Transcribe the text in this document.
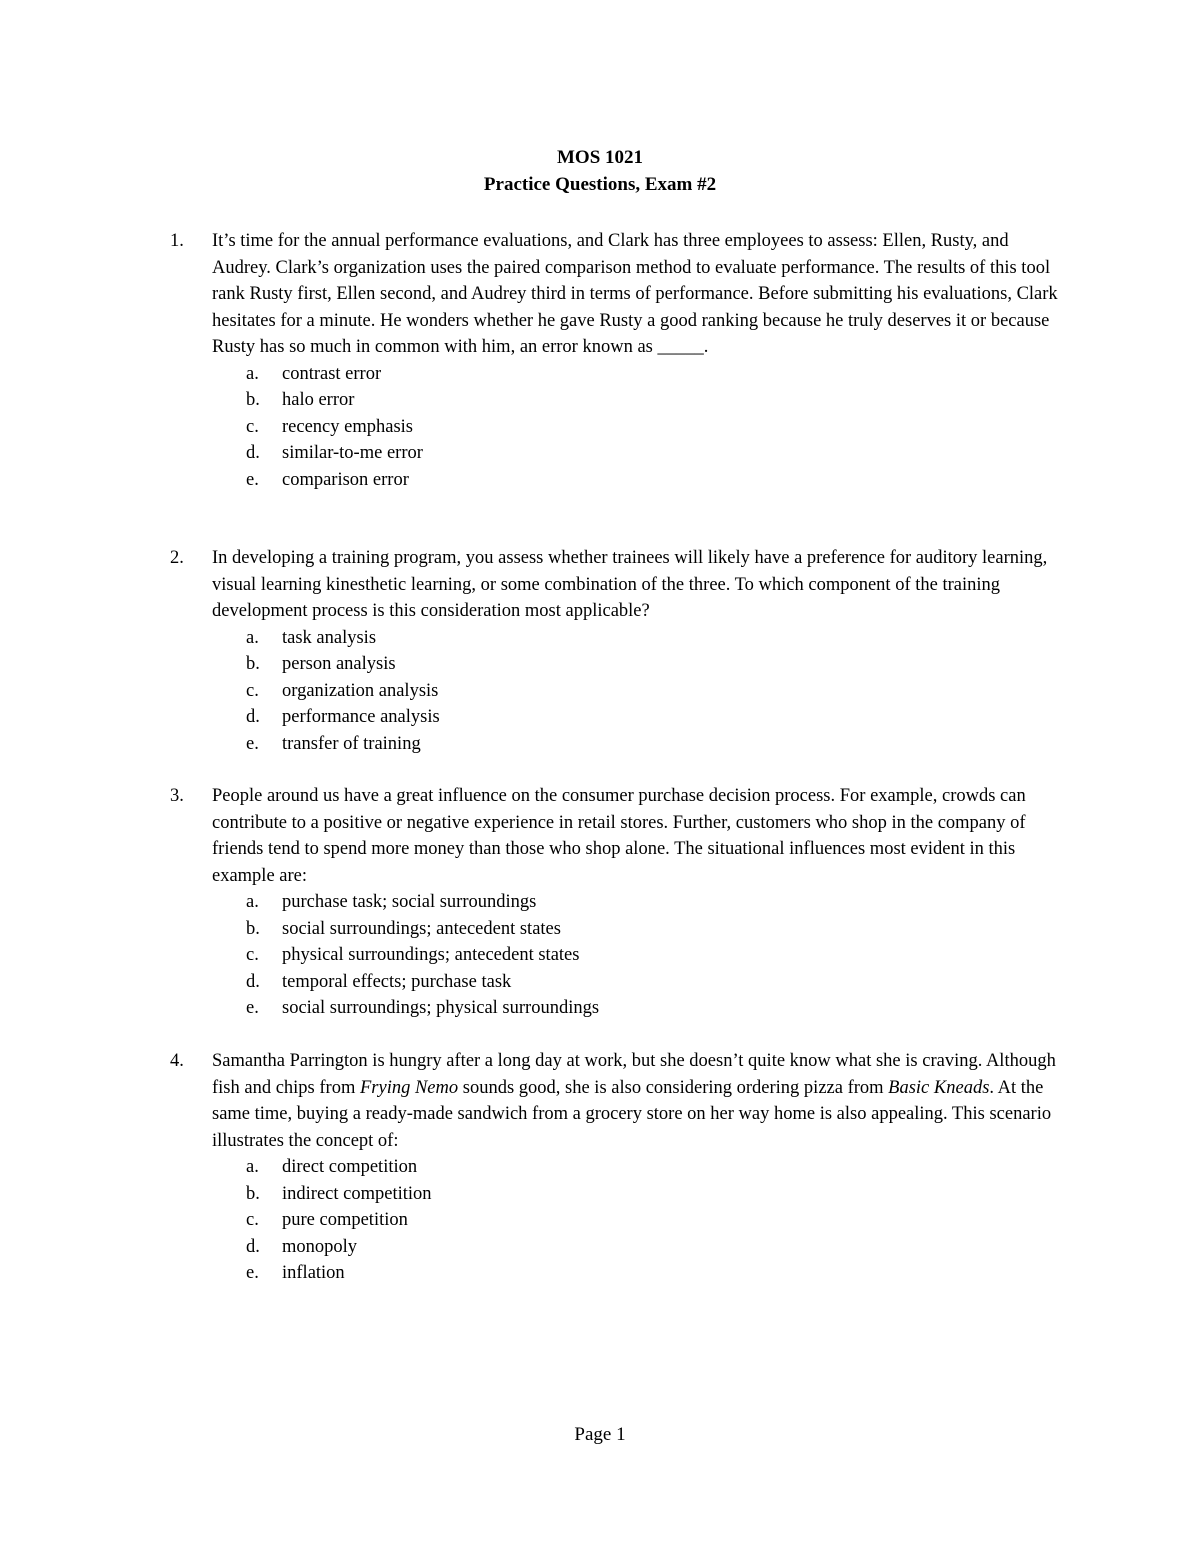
MOS 1021
Practice Questions, Exam #2
1.	It’s time for the annual performance evaluations, and Clark has three employees to assess: Ellen, Rusty, and Audrey. Clark’s organization uses the paired comparison method to evaluate performance. The results of this tool rank Rusty first, Ellen second, and Audrey third in terms of performance. Before submitting his evaluations, Clark hesitates for a minute. He wonders whether he gave Rusty a good ranking because he truly deserves it or because Rusty has so much in common with him, an error known as _____.
a. contrast error
b. halo error
c. recency emphasis
d. similar-to-me error
e. comparison error
2.	In developing a training program, you assess whether trainees will likely have a preference for auditory learning, visual learning kinesthetic learning, or some combination of the three. To which component of the training development process is this consideration most applicable?
a. task analysis
b. person analysis
c. organization analysis
d. performance analysis
e. transfer of training
3.	People around us have a great influence on the consumer purchase decision process. For example, crowds can contribute to a positive or negative experience in retail stores. Further, customers who shop in the company of friends tend to spend more money than those who shop alone. The situational influences most evident in this example are:
a. purchase task; social surroundings
b. social surroundings; antecedent states
c. physical surroundings; antecedent states
d. temporal effects; purchase task
e. social surroundings; physical surroundings
4.	Samantha Parrington is hungry after a long day at work, but she doesn’t quite know what she is craving. Although fish and chips from Frying Nemo sounds good, she is also considering ordering pizza from Basic Kneads. At the same time, buying a ready-made sandwich from a grocery store on her way home is also appealing. This scenario illustrates the concept of:
a. direct competition
b. indirect competition
c. pure competition
d. monopoly
e. inflation
Page 1
